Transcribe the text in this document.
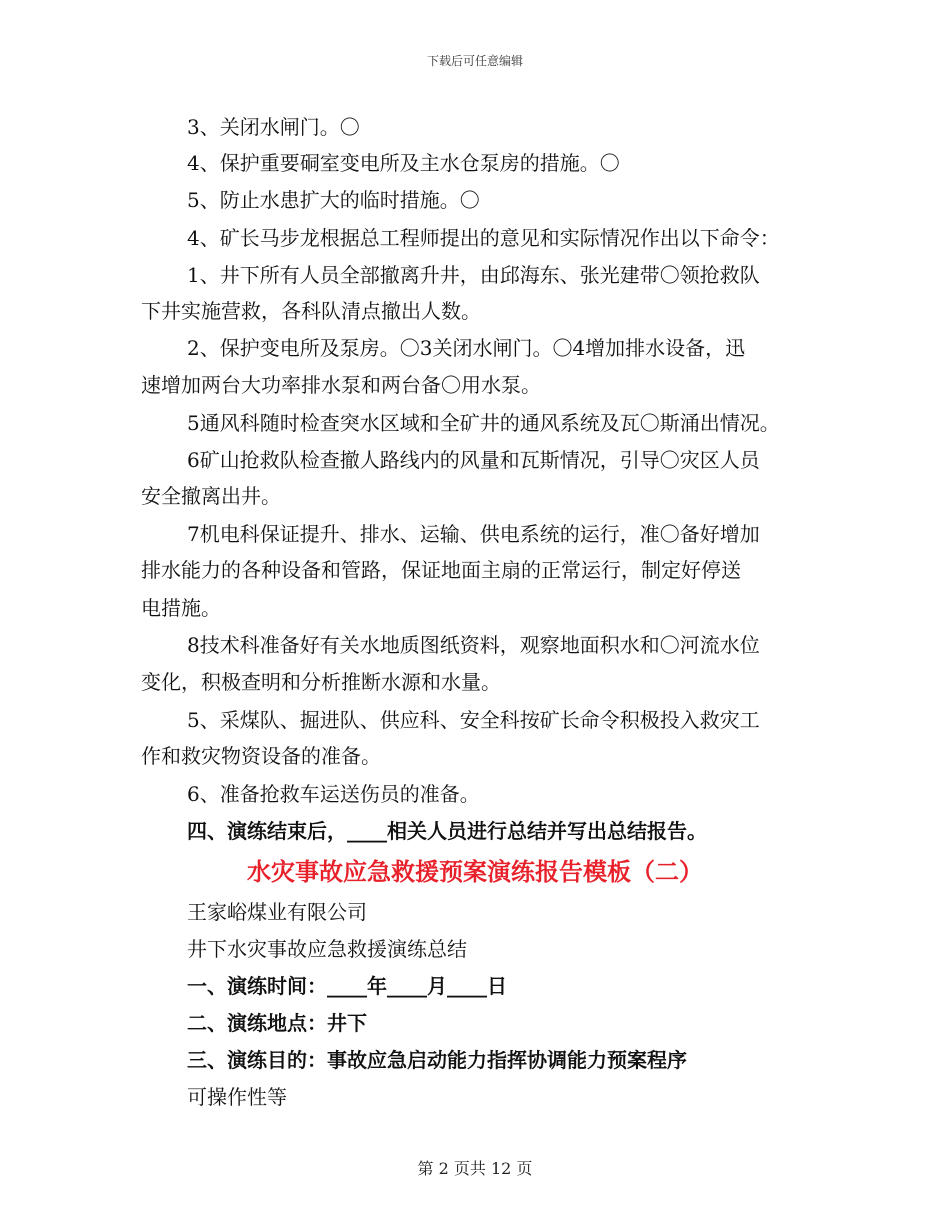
下载后可任意编辑
3、关闭水闸门。〇
4、保护重要硐室变电所及主水仓泵房的措施。〇
5、防止水患扩大的临时措施。〇
4、矿长马步龙根据总工程师提出的意见和实际情况作出以下命令：
1、井下所有人员全部撤离升井，由邱海东、张光建带〇领抢救队
下井实施营救，各科队清点撤出人数。
2、保护变电所及泵房。〇3关闭水闸门。〇4增加排水设备，迅
速增加两台大功率排水泵和两台备〇用水泵。
5通风科随时检查突水区域和全矿井的通风系统及瓦〇斯涌出情况。
6矿山抢救队检查撤人路线内的风量和瓦斯情况，引导〇灾区人员
安全撤离出井。
7机电科保证提升、排水、运输、供电系统的运行，准〇备好增加
排水能力的各种设备和管路，保证地面主扇的正常运行，制定好停送
电措施。
8技术科准备好有关水地质图纸资料，观察地面积水和〇河流水位
变化，积极查明和分析推断水源和水量。
5、采煤队、掘进队、供应科、安全科按矿长命令积极投入救灾工
作和救灾物资设备的准备。
6、准备抢救车运送伤员的准备。
四、演练结束后，____相关人员进行总结并写出总结报告。
水灾事故应急救援预案演练报告模板（二）
王家峪煤业有限公司
井下水灾事故应急救援演练总结
一、演练时间：____年____月____日
二、演练地点：井下
三、演练目的：事故应急启动能力指挥协调能力预案程序
可操作性等
第 2 页共 12 页
